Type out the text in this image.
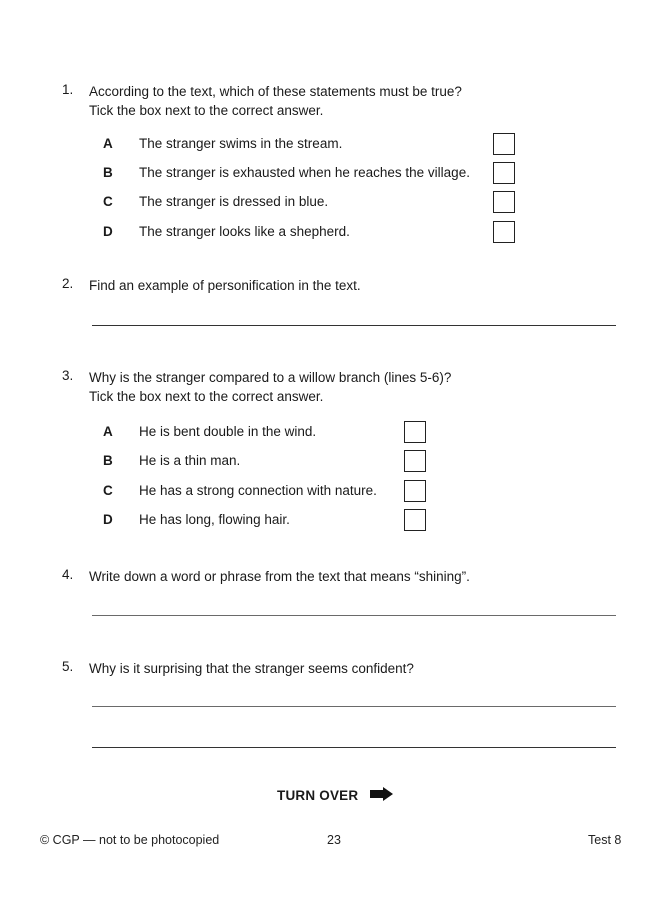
1. According to the text, which of these statements must be true?
Tick the box next to the correct answer.
A The stranger swims in the stream.
B The stranger is exhausted when he reaches the village.
C The stranger is dressed in blue.
D The stranger looks like a shepherd.
2. Find an example of personification in the text.
3. Why is the stranger compared to a willow branch (lines 5-6)?
Tick the box next to the correct answer.
A He is bent double in the wind.
B He is a thin man.
C He has a strong connection with nature.
D He has long, flowing hair.
4. Write down a word or phrase from the text that means “shining”.
5. Why is it surprising that the stranger seems confident?
TURN OVER
© CGP — not to be photocopied	23	Test 8
